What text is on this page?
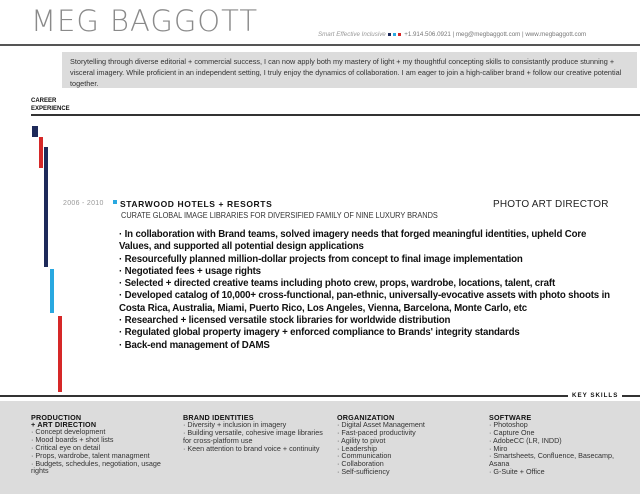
MEG BAGGOTT	Smart Effective Inclusive	+1.914.506.0921 | meg@megbaggott.com | www.megbaggott.com

Storytelling through diverse editorial + commercial success, I can now apply both my mastery of light + my thoughtful concepting skills to consistantly produce stunning + visceral imagery. While proficient in an independent setting, I truly enjoy the dynamics of collaboration. I am eager to join a high-caliber brand + follow our creative potential together.

CAREER
EXPERIENCE
2006 - 2010 STARWOOD HOTELS + RESORTS	PHOTO ART DIRECTOR
CURATE GLOBAL IMAGE LIBRARIES FOR DIVERSIFIED FAMILY OF NINE LUXURY BRANDS
· In collaboration with Brand teams, solved imagery needs that forged meaningful identities, upheld Core Values, and supported all potential design applications
· Resourcefully planned million-dollar projects from concept to final image implementation
· Negotiated fees + usage rights
· Selected + directed creative teams including photo crew, props, wardrobe, locations, talent, craft
· Developed catalog of 10,000+ cross-functional, pan-ethnic, universally-evocative assets with photo shoots in Costa Rica, Australia, Miami, Puerto Rico, Los Angeles, Vienna, Barcelona, Monte Carlo, etc
· Researched + licensed versatile stock libraries for worldwide distribution
· Regulated global property imagery + enforced compliance to Brands' integrity standards
· Back-end management of DAMS
KEY SKILLS
PRODUCTION
+ ART DIRECTION
· Concept development
· Mood boards + shot lists
· Critical eye on detail
· Props, wardrobe, talent managment
· Budgets, schedules, negotiation, usage rights
BRAND IDENTITIES
· Diversity + inclusion in imagery
· Building versatile, cohesive image libraries for cross-platform use
· Keen attention to brand voice + continuity
ORGANIZATION
· Digital Asset Management
· Fast-paced productivity
· Agility to pivot
· Leadership
· Communication
· Collaboration
· Self-sufficiency
SOFTWARE
· Photoshop
· Capture One
· AdobeCC (LR, INDD)
· Miro
· Smartsheets, Confluence, Basecamp, Asana
· G-Suite + Office
